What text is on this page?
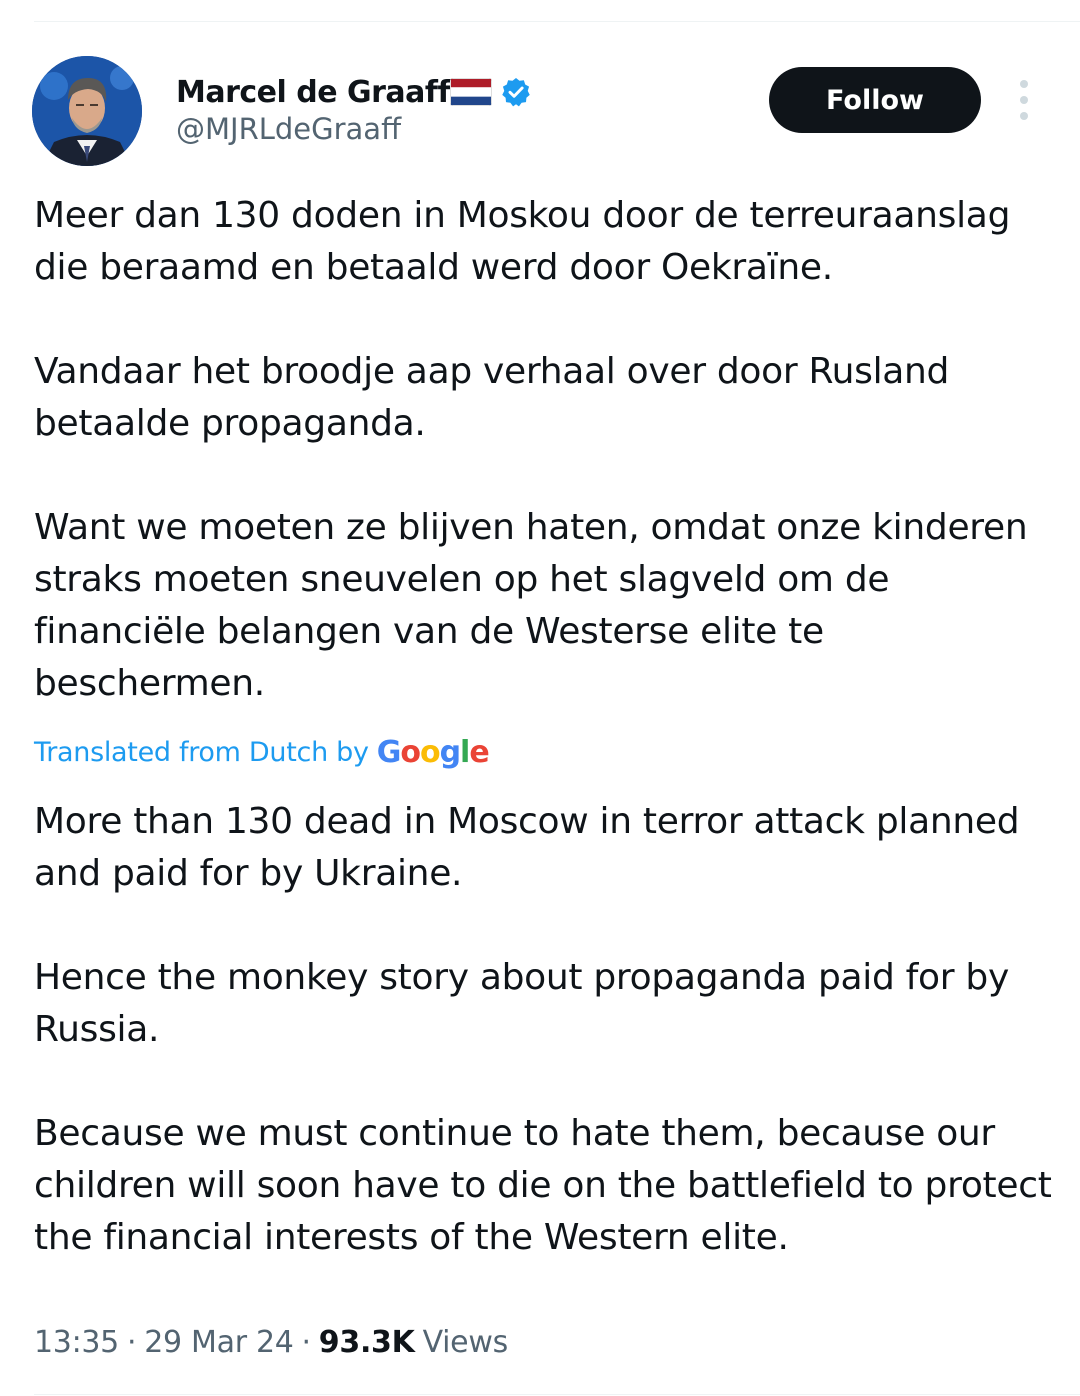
Marcel de Graaff
@MJRLdeGraaff
Follow

Meer dan 130 doden in Moskou door de terreuraanslag die beraamd en betaald werd door Oekraïne.

Vandaar het broodje aap verhaal over door Rusland betaalde propaganda.

Want we moeten ze blijven haten, omdat onze kinderen straks moeten sneuvelen op het slagveld om de financiële belangen van de Westerse elite te beschermen.

Translated from Dutch by Google

More than 130 dead in Moscow in terror attack planned and paid for by Ukraine.

Hence the monkey story about propaganda paid for by Russia.

Because we must continue to hate them, because our children will soon have to die on the battlefield to protect the financial interests of the Western elite.

13:35 · 29 Mar 24 · 93.3K Views
